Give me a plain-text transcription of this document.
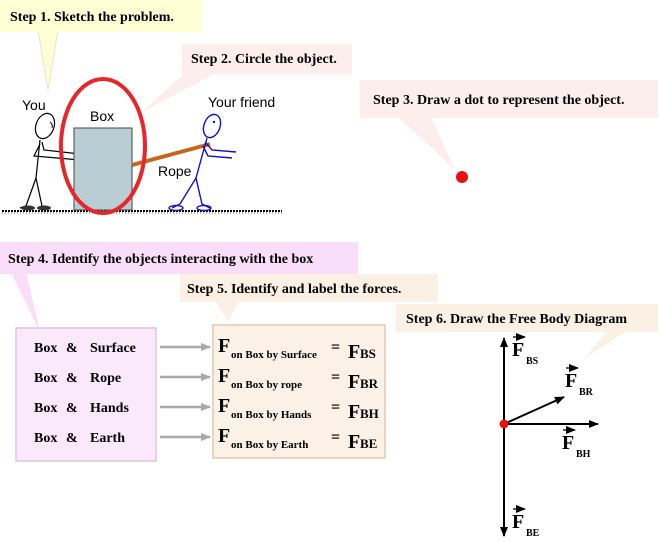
Step 1. Sketch the problem.
Step 2. Circle the object.
Step 3. Draw a dot to represent the object.
You
Box
Rope
Your friend
Step 4. Identify the objects interacting with the box
Step 5. Identify and label the forces.
Step 6. Draw the Free Body Diagram
Box & Surface
Box & Rope
Box & Hands
Box & Earth
F on Box by Surface = F BS
F on Box by rope = F BR
F on Box by Hands = F BH
F on Box by Earth = F BE
F
BS
F
BR
F
BH
F
BE
